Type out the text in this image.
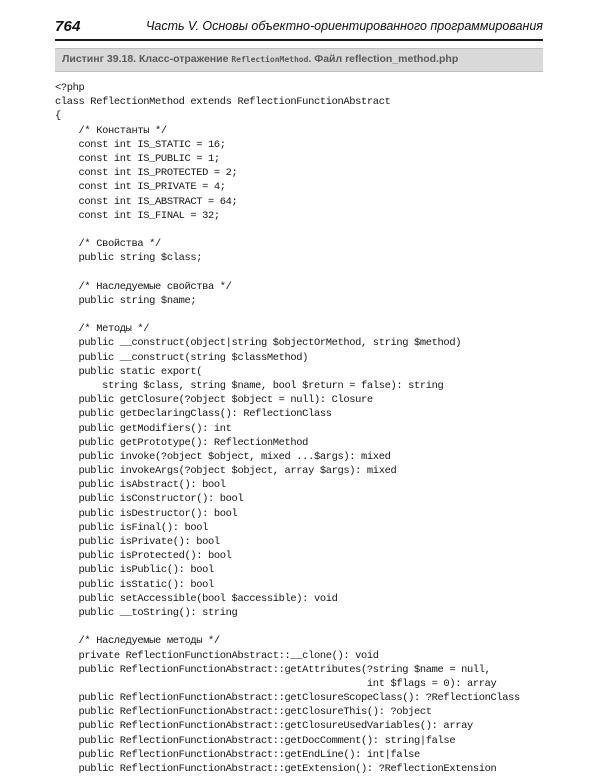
764	Часть V. Основы объектно-ориентированного программирования
Листинг 39.18. Класс-отражение ReflectionMethod. Файл reflection_method.php
<?php
class ReflectionMethod extends ReflectionFunctionAbstract
{
/* Константы */
const int IS_STATIC = 16;
const int IS_PUBLIC = 1;
const int IS_PROTECTED = 2;
const int IS_PRIVATE = 4;
const int IS_ABSTRACT = 64;
const int IS_FINAL = 32;
/* Свойства */
public string $class;
/* Наследуемые свойства */
public string $name;
/* Методы */
public __construct(object|string $objectOrMethod, string $method)
public __construct(string $classMethod)
public static export(
string $class, string $name, bool $return = false): string
public getClosure(?object $object = null): Closure
public getDeclaringClass(): ReflectionClass
public getModifiers(): int
public getPrototype(): ReflectionMethod
public invoke(?object $object, mixed ...$args): mixed
public invokeArgs(?object $object, array $args): mixed
public isAbstract(): bool
public isConstructor(): bool
public isDestructor(): bool
public isFinal(): bool
public isPrivate(): bool
public isProtected(): bool
public isPublic(): bool
public isStatic(): bool
public setAccessible(bool $accessible): void
public __toString(): string
/* Наследуемые методы */
private ReflectionFunctionAbstract::__clone(): void
public ReflectionFunctionAbstract::getAttributes(?string $name = null,
int $flags = 0): array
public ReflectionFunctionAbstract::getClosureScopeClass(): ?ReflectionClass
public ReflectionFunctionAbstract::getClosureThis(): ?object
public ReflectionFunctionAbstract::getClosureUsedVariables(): array
public ReflectionFunctionAbstract::getDocComment(): string|false
public ReflectionFunctionAbstract::getEndLine(): int|false
public ReflectionFunctionAbstract::getExtension(): ?ReflectionExtension
